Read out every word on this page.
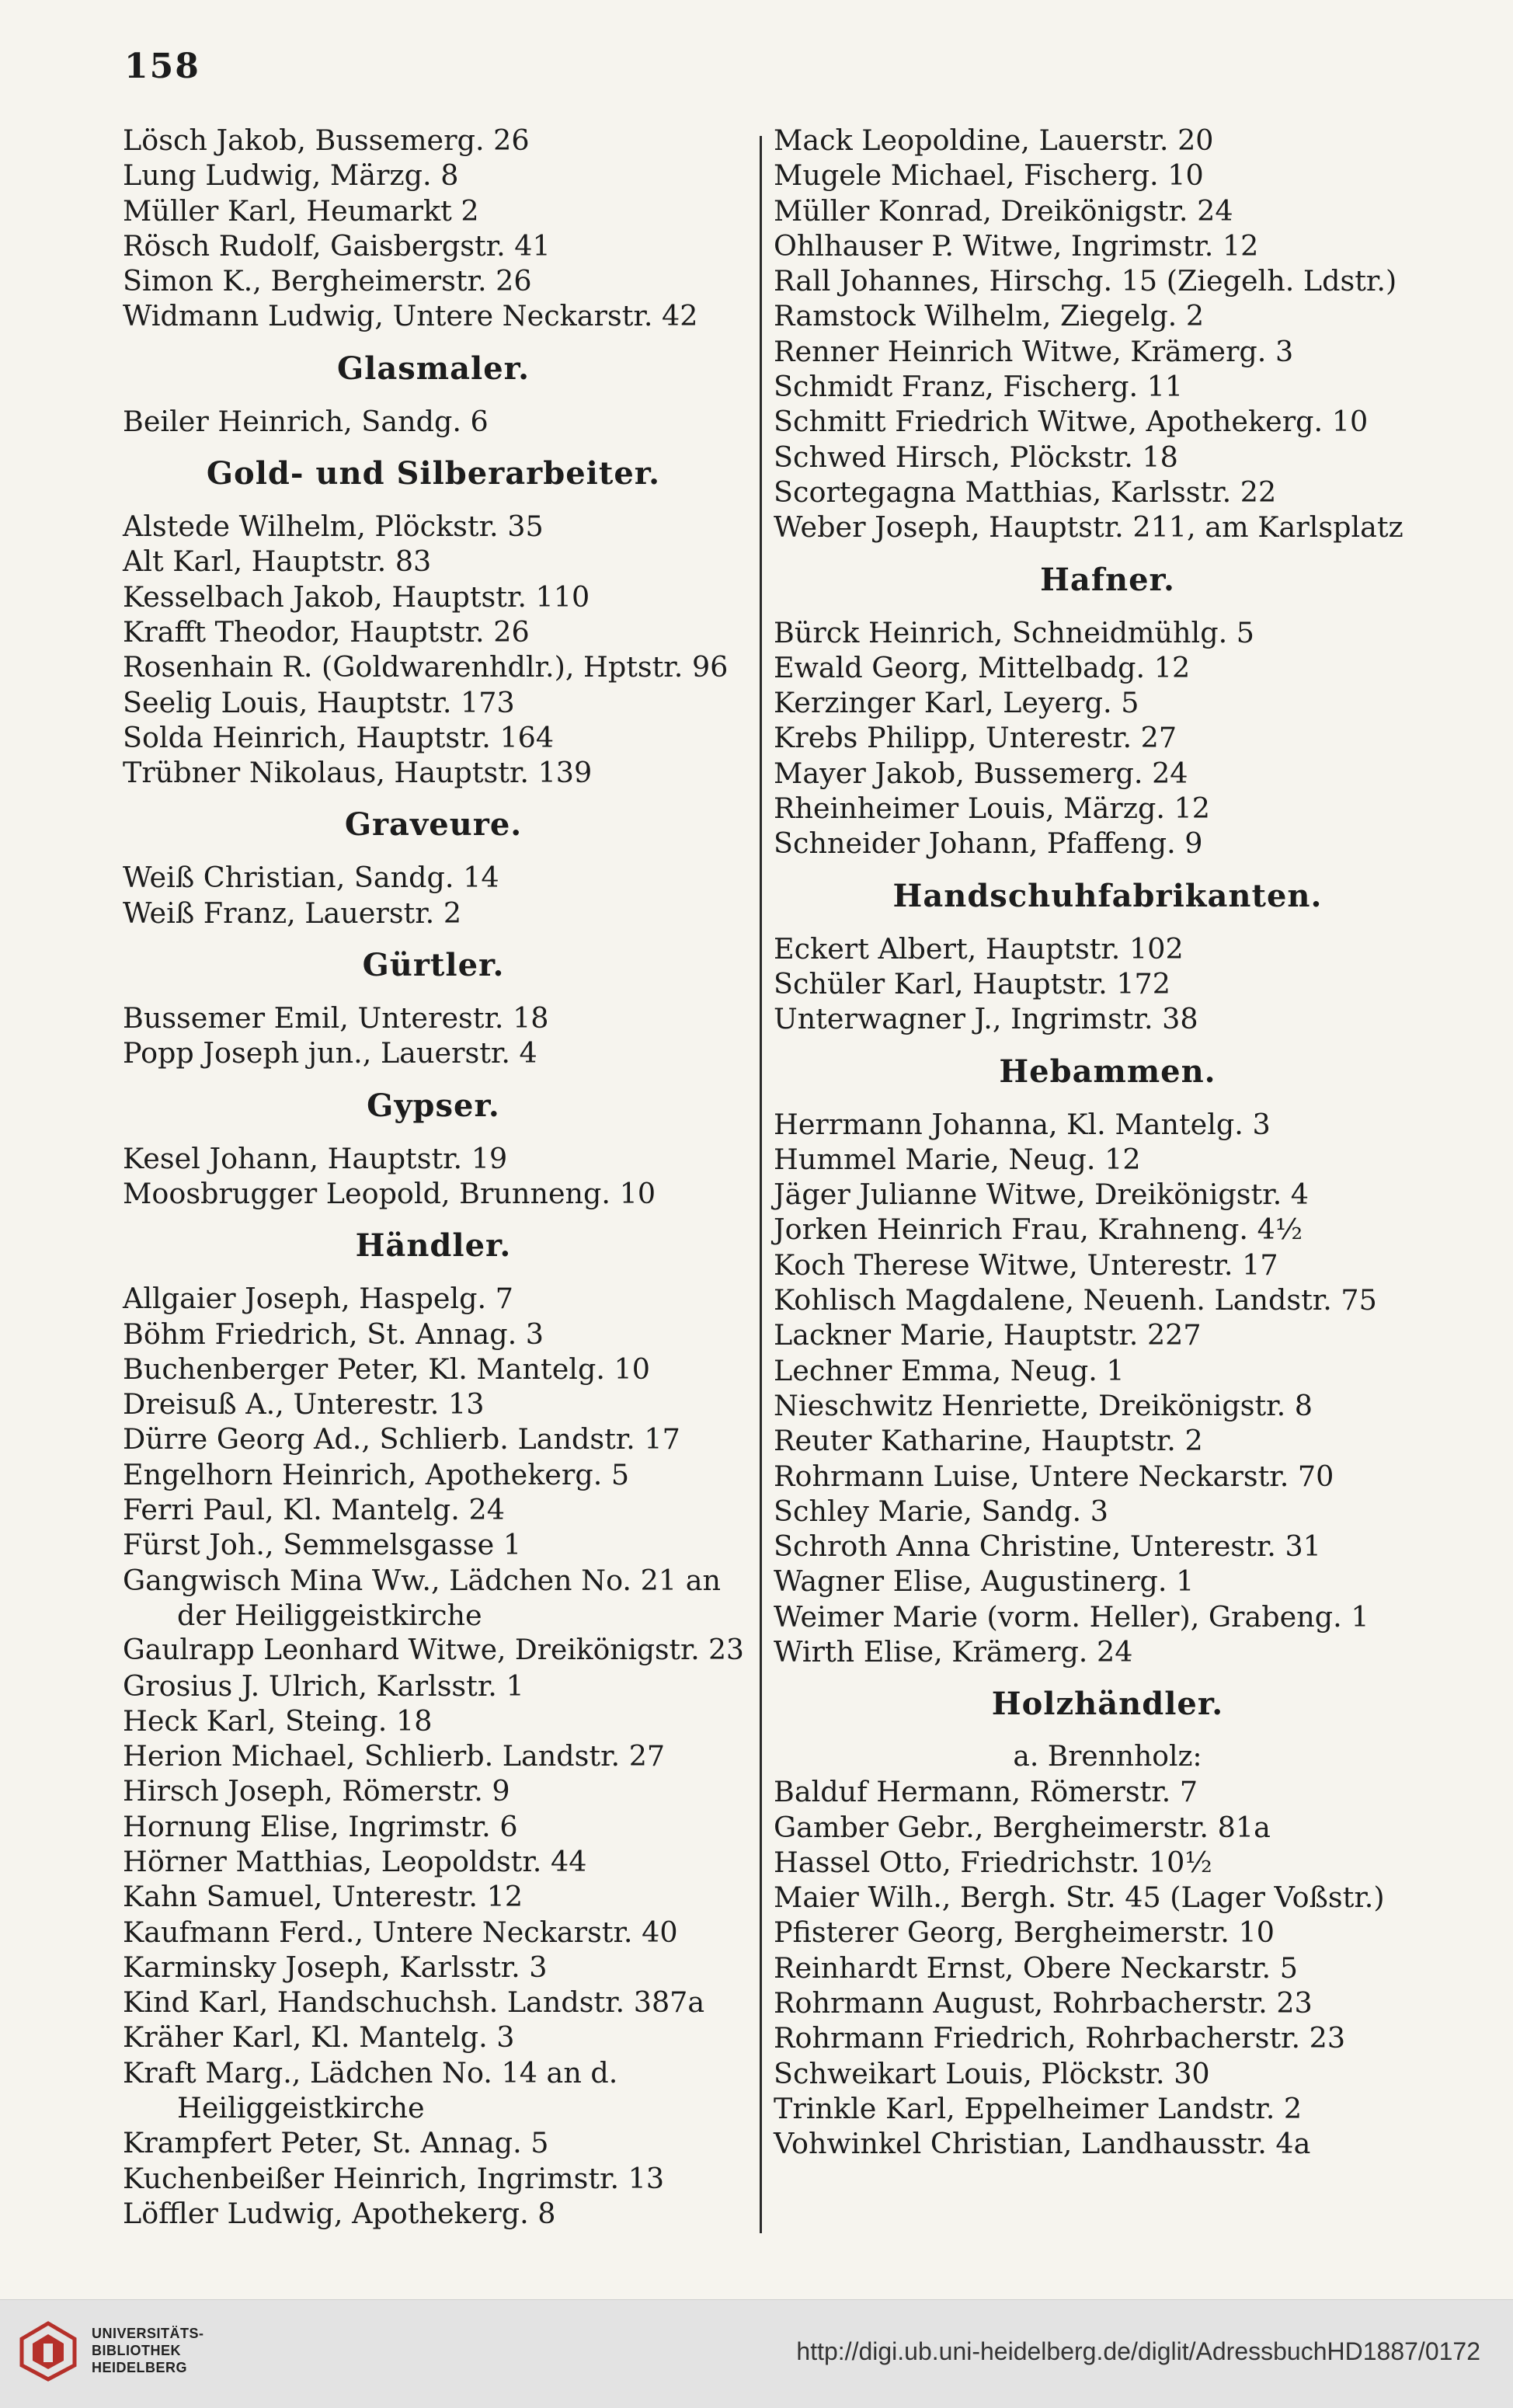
158
Lösch Jakob, Bussemerg. 26
Lung Ludwig, Märzg. 8
Müller Karl, Heumarkt 2
Rösch Rudolf, Gaisbergstr. 41
Simon K., Bergheimerstr. 26
Widmann Ludwig, Untere Neckarstr. 42
Glasmaler.
Beiler Heinrich, Sandg. 6
Gold- und Silberarbeiter.
Alstede Wilhelm, Plöckstr. 35
Alt Karl, Hauptstr. 83
Kesselbach Jakob, Hauptstr. 110
Krafft Theodor, Hauptstr. 26
Rosenhain R. (Goldwarenhdlr.), Hptstr. 96
Seelig Louis, Hauptstr. 173
Solda Heinrich, Hauptstr. 164
Trübner Nikolaus, Hauptstr. 139
Graveure.
Weiß Christian, Sandg. 14
Weiß Franz, Lauerstr. 2
Gürtler.
Bussemer Emil, Unterestr. 18
Popp Joseph jun., Lauerstr. 4
Gypser.
Kesel Johann, Hauptstr. 19
Moosbrugger Leopold, Brunneng. 10
Händler.
Allgaier Joseph, Haspelg. 7
Böhm Friedrich, St. Annag. 3
Buchenberger Peter, Kl. Mantelg. 10
Dreisuß A., Unterestr. 13
Dürre Georg Ad., Schlierb. Landstr. 17
Engelhorn Heinrich, Apothekerg. 5
Ferri Paul, Kl. Mantelg. 24
Fürst Joh., Semmelsgasse 1
Gangwisch Mina Ww., Lädchen No. 21 an der Heiliggeistkirche
Gaulrapp Leonhard Witwe, Dreikönigstr. 23
Grosius J. Ulrich, Karlsstr. 1
Heck Karl, Steing. 18
Herion Michael, Schlierb. Landstr. 27
Hirsch Joseph, Römerstr. 9
Hornung Elise, Ingrimstr. 6
Hörner Matthias, Leopoldstr. 44
Kahn Samuel, Unterestr. 12
Kaufmann Ferd., Untere Neckarstr. 40
Karminsky Joseph, Karlsstr. 3
Kind Karl, Handschuchsh. Landstr. 387a
Kräher Karl, Kl. Mantelg. 3
Kraft Marg., Lädchen No. 14 an d. Heiliggeistkirche
Krampfert Peter, St. Annag. 5
Kuchenbeißer Heinrich, Ingrimstr. 13
Löffler Ludwig, Apothekerg. 8
Mack Leopoldine, Lauerstr. 20
Mugele Michael, Fischerg. 10
Müller Konrad, Dreikönigstr. 24
Ohlhauser P. Witwe, Ingrimstr. 12
Rall Johannes, Hirschg. 15 (Ziegelh. Ldstr.)
Ramstock Wilhelm, Ziegelg. 2
Renner Heinrich Witwe, Krämerg. 3
Schmidt Franz, Fischerg. 11
Schmitt Friedrich Witwe, Apothekerg. 10
Schwed Hirsch, Plöckstr. 18
Scortegagna Matthias, Karlsstr. 22
Weber Joseph, Hauptstr. 211, am Karlsplatz
Hafner.
Bürck Heinrich, Schneidmühlg. 5
Ewald Georg, Mittelbadg. 12
Kerzinger Karl, Leyerg. 5
Krebs Philipp, Unterestr. 27
Mayer Jakob, Bussemerg. 24
Rheinheimer Louis, Märzg. 12
Schneider Johann, Pfaffeng. 9
Handschuhfabrikanten.
Eckert Albert, Hauptstr. 102
Schüler Karl, Hauptstr. 172
Unterwagner J., Ingrimstr. 38
Hebammen.
Herrmann Johanna, Kl. Mantelg. 3
Hummel Marie, Neug. 12
Jäger Julianne Witwe, Dreikönigstr. 4
Jorken Heinrich Frau, Krahneng. 4½
Koch Therese Witwe, Unterestr. 17
Kohlisch Magdalene, Neuenh. Landstr. 75
Lackner Marie, Hauptstr. 227
Lechner Emma, Neug. 1
Nieschwitz Henriette, Dreikönigstr. 8
Reuter Katharine, Hauptstr. 2
Rohrmann Luise, Untere Neckarstr. 70
Schley Marie, Sandg. 3
Schroth Anna Christine, Unterestr. 31
Wagner Elise, Augustinerg. 1
Weimer Marie (vorm. Heller), Grabeng. 1
Wirth Elise, Krämerg. 24
Holzhändler.
a. Brennholz:
Balduf Hermann, Römerstr. 7
Gamber Gebr., Bergheimerstr. 81a
Hassel Otto, Friedrichstr. 10½
Maier Wilh., Bergh. Str. 45 (Lager Voßstr.)
Pfisterer Georg, Bergheimerstr. 10
Reinhardt Ernst, Obere Neckarstr. 5
Rohrmann August, Rohrbacherstr. 23
Rohrmann Friedrich, Rohrbacherstr. 23
Schweikart Louis, Plöckstr. 30
Trinkle Karl, Eppelheimer Landstr. 2
Vohwinkel Christian, Landhausstr. 4a
UNIVERSITÄTS-
BIBLIOTHEK
HEIDELBERG
http://digi.ub.uni-heidelberg.de/diglit/AdressbuchHD1887/0172
